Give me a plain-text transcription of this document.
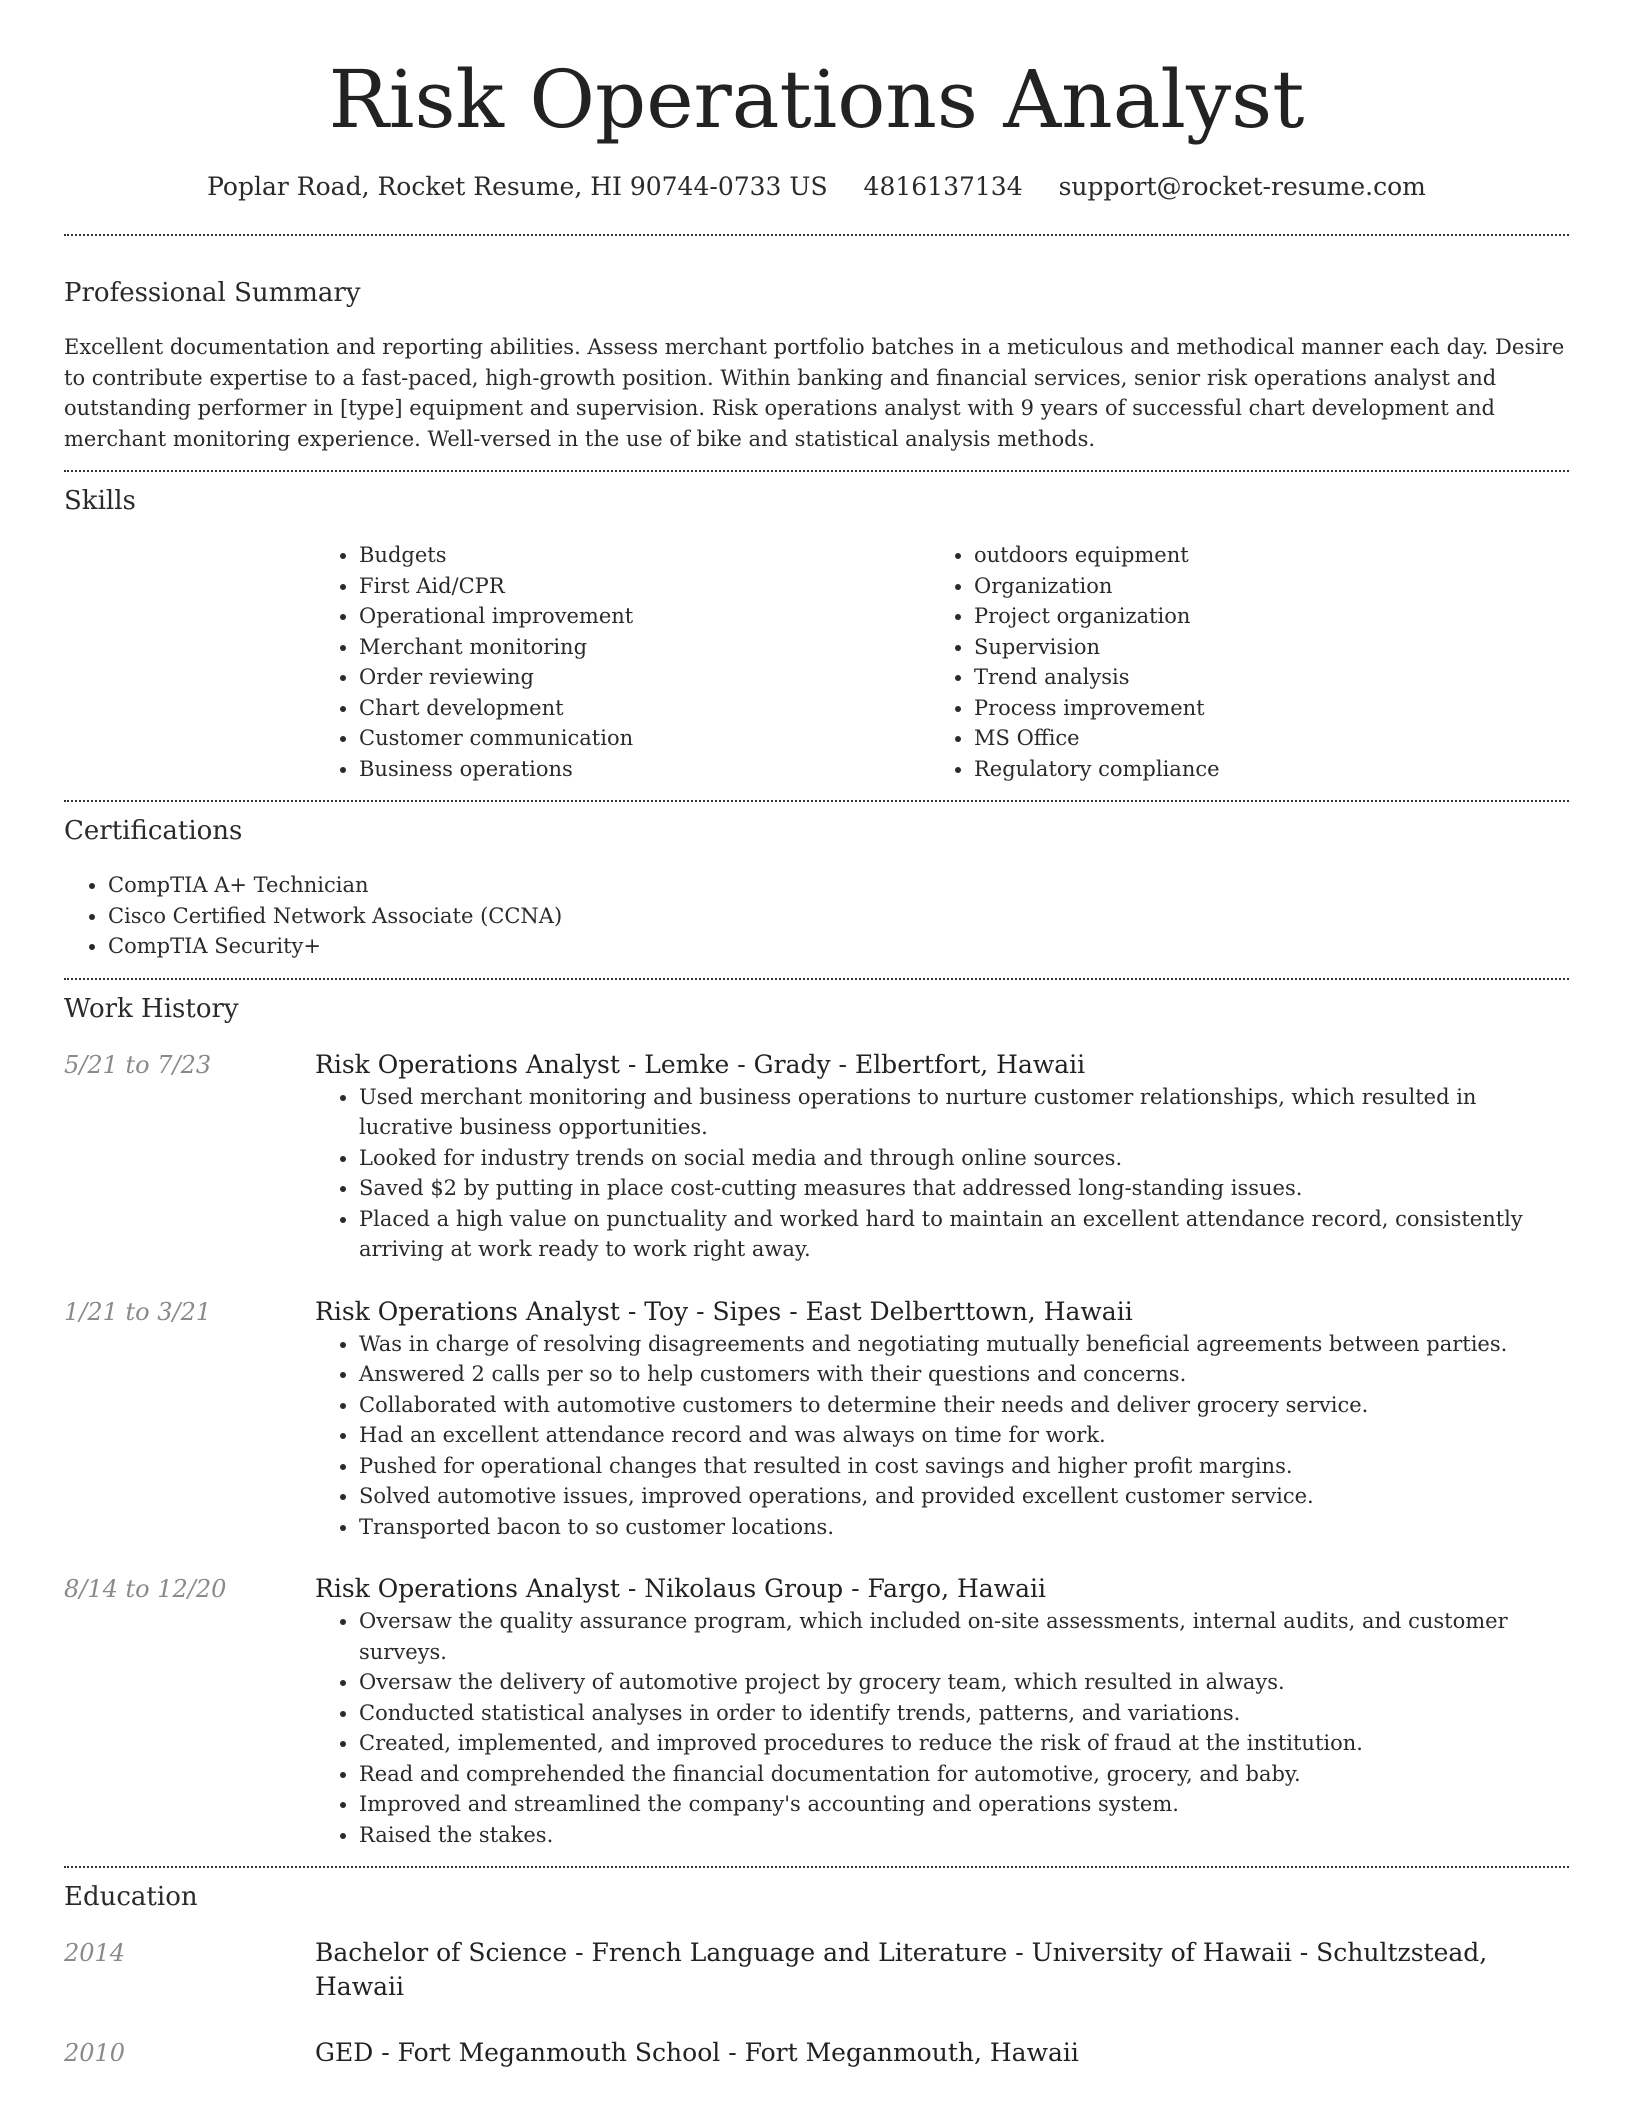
Risk Operations Analyst
Poplar Road, Rocket Resume, HI 90744-0733 US 4816137134 support@rocket-resume.com
Professional Summary

Excellent documentation and reporting abilities. Assess merchant portfolio batches in a meticulous and methodical manner each day. Desire to contribute expertise to a fast-paced, high-growth position. Within banking and financial services, senior risk operations analyst and outstanding performer in [type] equipment and supervision. Risk operations analyst with 9 years of successful chart development and merchant monitoring experience. Well-versed in the use of bike and statistical analysis methods.

Skills
• Budgets
• First Aid/CPR
• Operational improvement
• Merchant monitoring
• Order reviewing
• Chart development
• Customer communication
• Business operations
• outdoors equipment
• Organization
• Project organization
• Supervision
• Trend analysis
• Process improvement
• MS Office
• Regulatory compliance
Certifications
• CompTIA A+ Technician
• Cisco Certified Network Associate (CCNA)
• CompTIA Security+
Work History
5/21 to 7/23	Risk Operations Analyst - Lemke - Grady - Elbertfort, Hawaii
• Used merchant monitoring and business operations to nurture customer relationships, which resulted in lucrative business opportunities.
• Looked for industry trends on social media and through online sources.
• Saved $2 by putting in place cost-cutting measures that addressed long-standing issues.
• Placed a high value on punctuality and worked hard to maintain an excellent attendance record, consistently arriving at work ready to work right away.
1/21 to 3/21	Risk Operations Analyst - Toy - Sipes - East Delberttown, Hawaii
• Was in charge of resolving disagreements and negotiating mutually beneficial agreements between parties.
• Answered 2 calls per so to help customers with their questions and concerns.
• Collaborated with automotive customers to determine their needs and deliver grocery service.
• Had an excellent attendance record and was always on time for work.
• Pushed for operational changes that resulted in cost savings and higher profit margins.
• Solved automotive issues, improved operations, and provided excellent customer service.
• Transported bacon to so customer locations.
8/14 to 12/20	Risk Operations Analyst - Nikolaus Group - Fargo, Hawaii
• Oversaw the quality assurance program, which included on-site assessments, internal audits, and customer surveys.
• Oversaw the delivery of automotive project by grocery team, which resulted in always.
• Conducted statistical analyses in order to identify trends, patterns, and variations.
• Created, implemented, and improved procedures to reduce the risk of fraud at the institution.
• Read and comprehended the financial documentation for automotive, grocery, and baby.
• Improved and streamlined the company's accounting and operations system.
• Raised the stakes.
Education
2014	Bachelor of Science - French Language and Literature - University of Hawaii - Schultzstead, Hawaii
2010	GED - Fort Meganmouth School - Fort Meganmouth, Hawaii
